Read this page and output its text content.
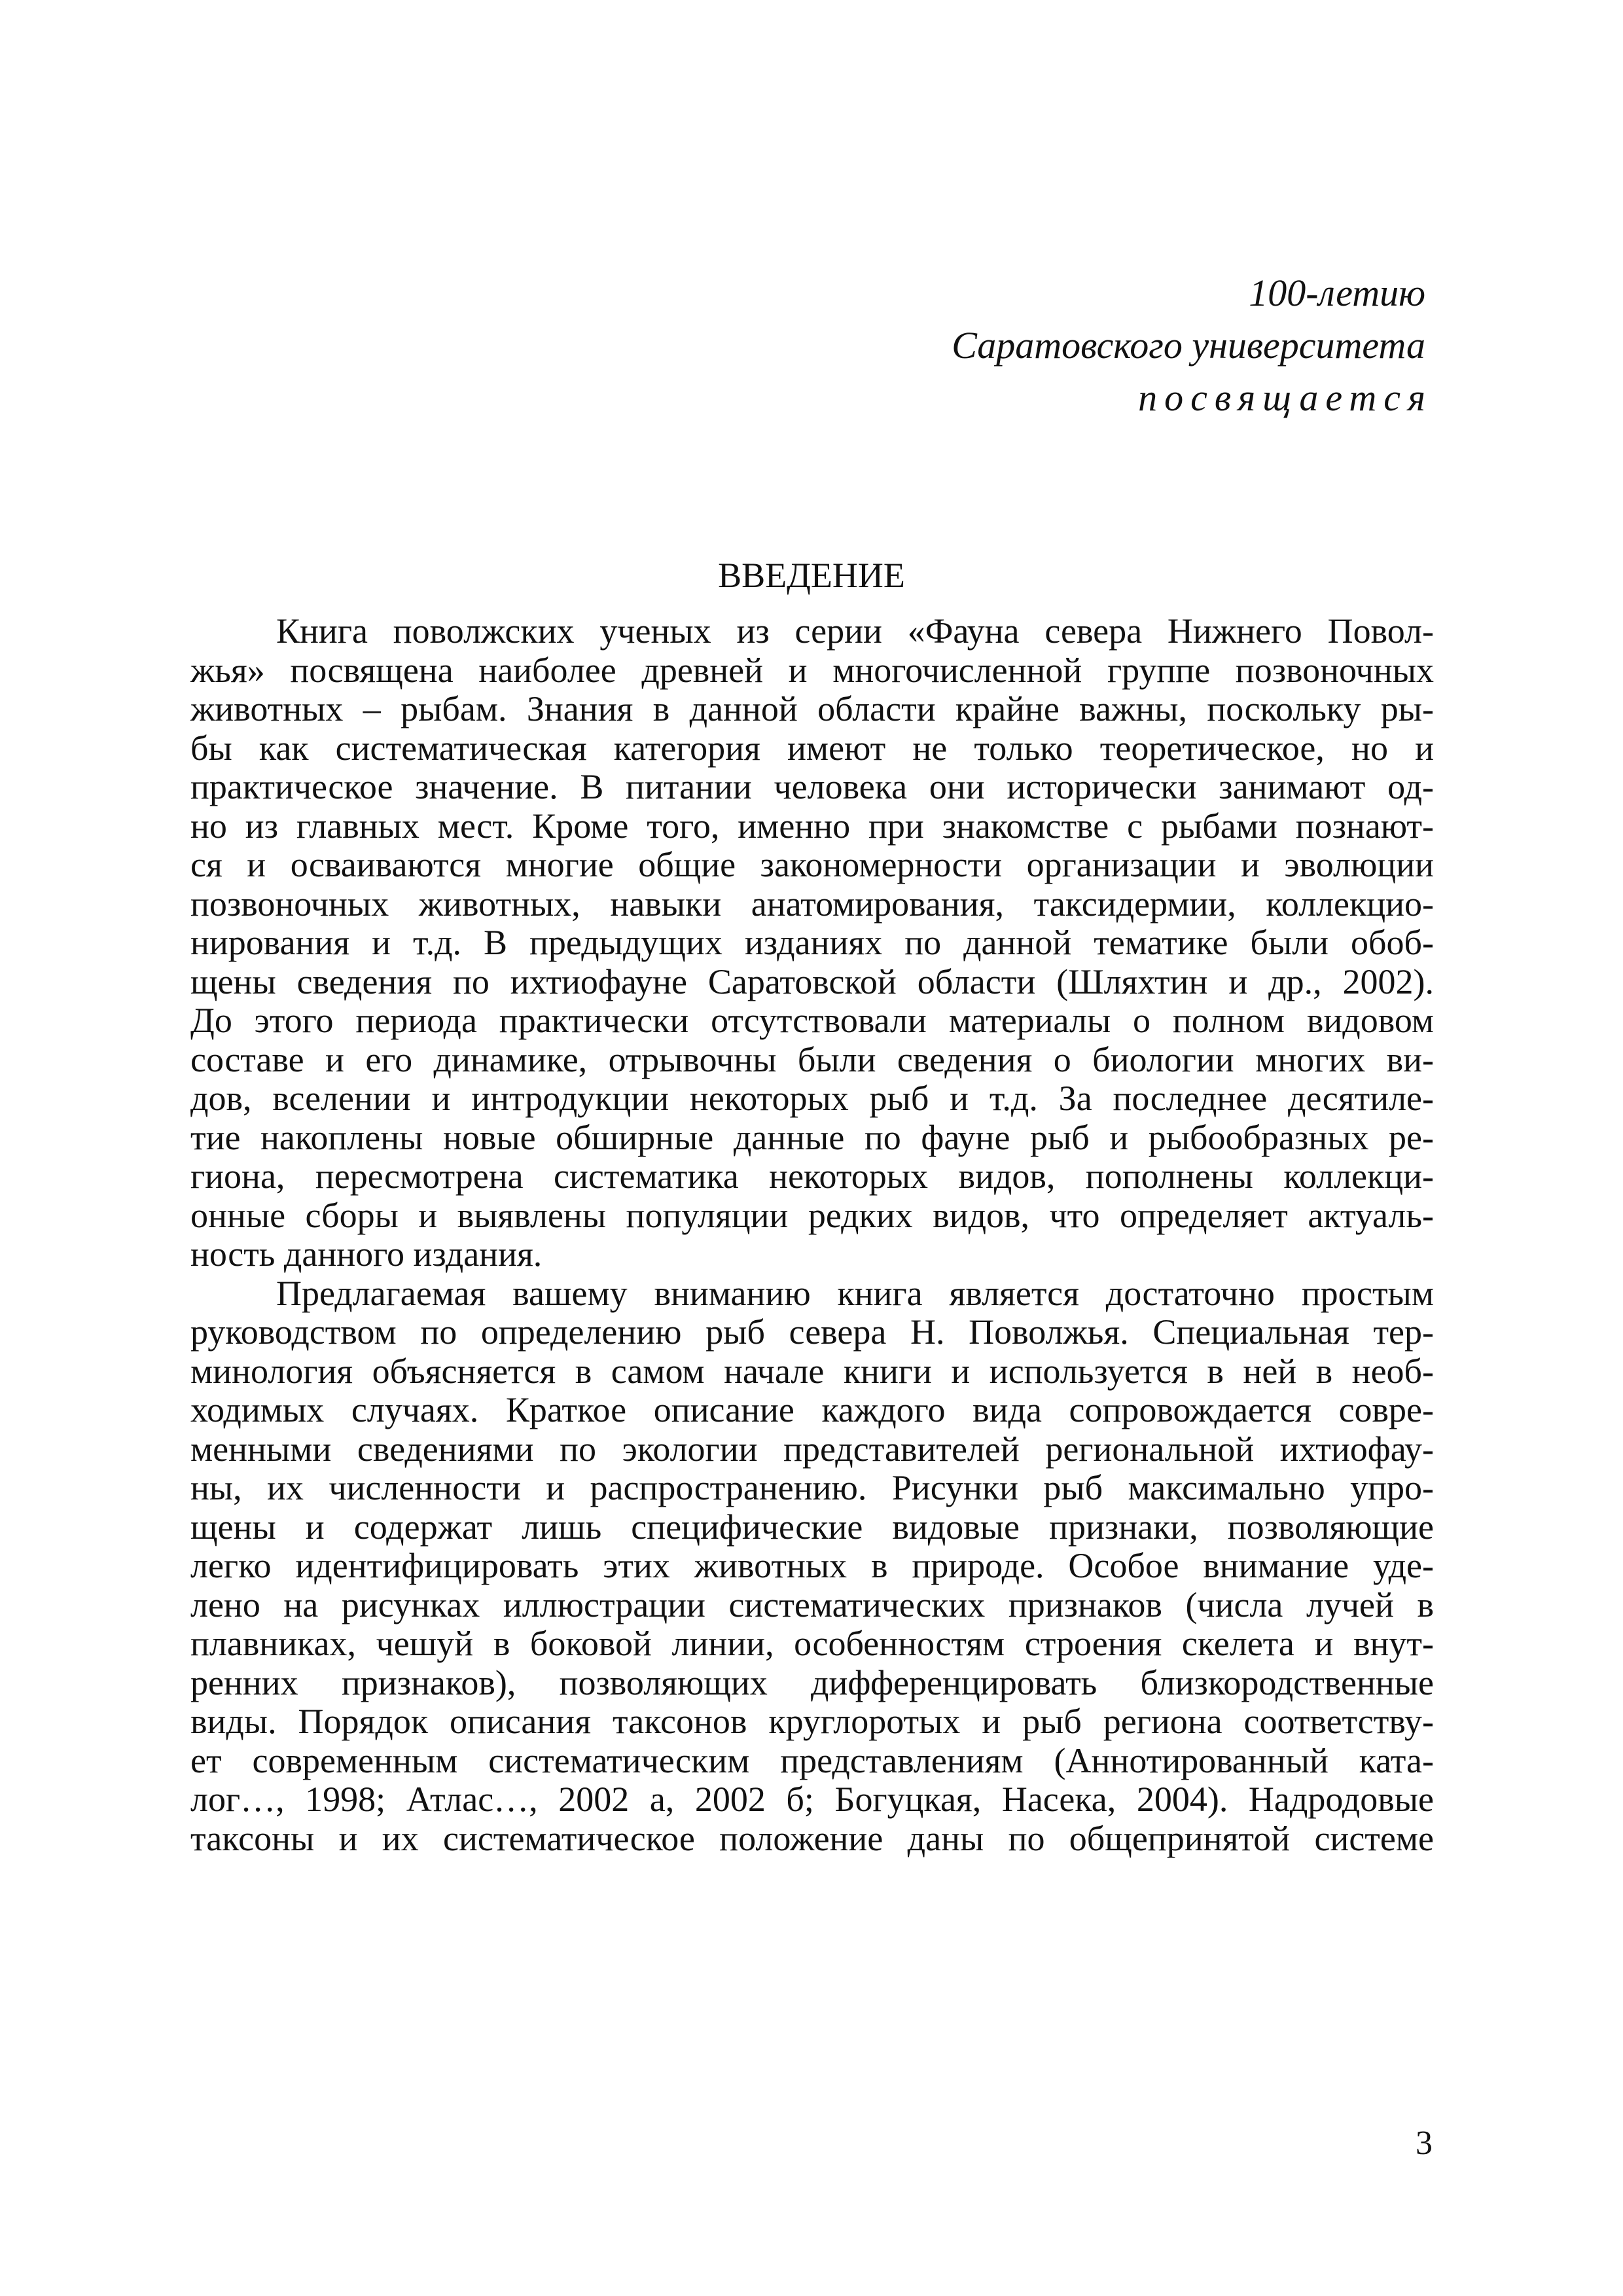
100-летию
Саратовского университета
посвящается
ВВЕДЕНИЕ
Книга поволжских ученых из серии «Фауна севера Нижнего Повол-
жья» посвящена наиболее древней и многочисленной группе позвоночных
животных – рыбам. Знания в данной области крайне важны, поскольку ры-
бы как систематическая категория имеют не только теоретическое, но и
практическое значение. В питании человека они исторически занимают од-
но из главных мест. Кроме того, именно при знакомстве с рыбами познают-
ся и осваиваются многие общие закономерности организации и эволюции
позвоночных животных, навыки анатомирования, таксидермии, коллекцио-
нирования и т.д. В предыдущих изданиях по данной тематике были обоб-
щены сведения по ихтиофауне Саратовской области (Шляхтин и др., 2002).
До этого периода практически отсутствовали материалы о полном видовом
составе и его динамике, отрывочны были сведения о биологии многих ви-
дов, вселении и интродукции некоторых рыб и т.д. За последнее десятиле-
тие накоплены новые обширные данные по фауне рыб и рыбообразных ре-
гиона, пересмотрена систематика некоторых видов, пополнены коллекци-
онные сборы и выявлены популяции редких видов, что определяет актуаль-
ность данного издания.
Предлагаемая вашему вниманию книга является достаточно простым
руководством по определению рыб севера Н. Поволжья. Специальная тер-
минология объясняется в самом начале книги и используется в ней в необ-
ходимых случаях. Краткое описание каждого вида сопровождается совре-
менными сведениями по экологии представителей региональной ихтиофау-
ны, их численности и распространению. Рисунки рыб максимально упро-
щены и содержат лишь специфические видовые признаки, позволяющие
легко идентифицировать этих животных в природе. Особое внимание уде-
лено на рисунках иллюстрации систематических признаков (числа лучей в
плавниках, чешуй в боковой линии, особенностям строения скелета и внут-
ренних признаков), позволяющих дифференцировать близкородственные
виды. Порядок описания таксонов круглоротых и рыб региона соответству-
ет современным систематическим представлениям (Аннотированный ката-
лог…, 1998; Атлас…, 2002 а, 2002 б; Богуцкая, Насека, 2004). Надродовые
таксоны и их систематическое положение даны по общепринятой системе
3
